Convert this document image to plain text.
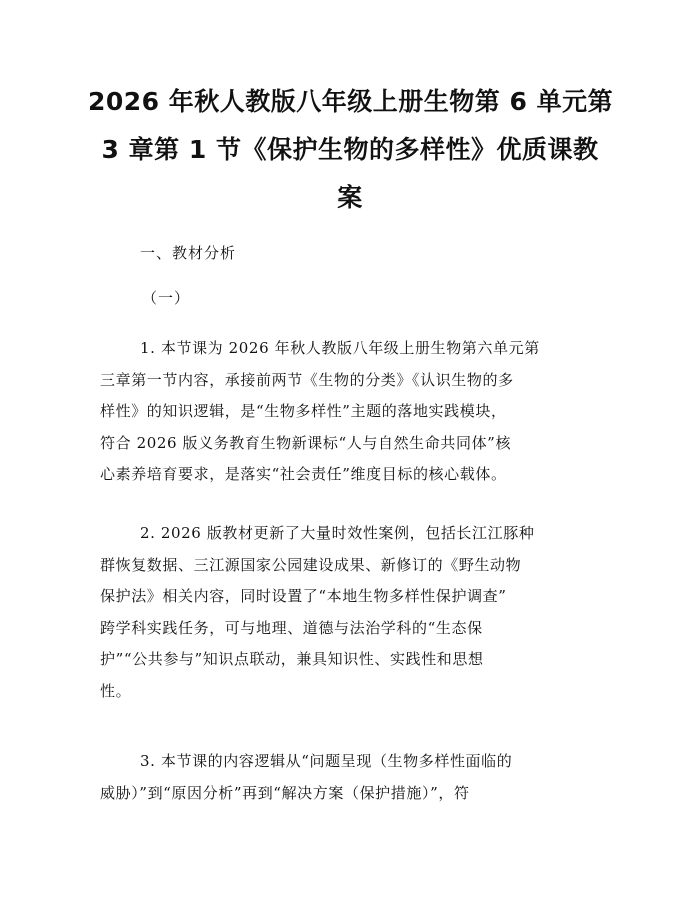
2026 年秋人教版八年级上册生物第 6 单元第
3 章第 1 节《保护生物的多样性》优质课教
案
一、教材分析
（一）
1. 本节课为 2026 年秋人教版八年级上册生物第六单元第
三章第一节内容，承接前两节《生物的分类》《认识生物的多
样性》的知识逻辑，是“生物多样性”主题的落地实践模块，
符合 2026 版义务教育生物新课标“人与自然生命共同体”核
心素养培育要求，是落实“社会责任”维度目标的核心载体。
2. 2026 版教材更新了大量时效性案例，包括长江江豚种
群恢复数据、三江源国家公园建设成果、新修订的《野生动物
保护法》相关内容，同时设置了“本地生物多样性保护调查”
跨学科实践任务，可与地理、道德与法治学科的“生态保
护”“公共参与”知识点联动，兼具知识性、实践性和思想
性。
3. 本节课的内容逻辑从“问题呈现（生物多样性面临的
威胁）”到“原因分析”再到“解决方案（保护措施）”，符
